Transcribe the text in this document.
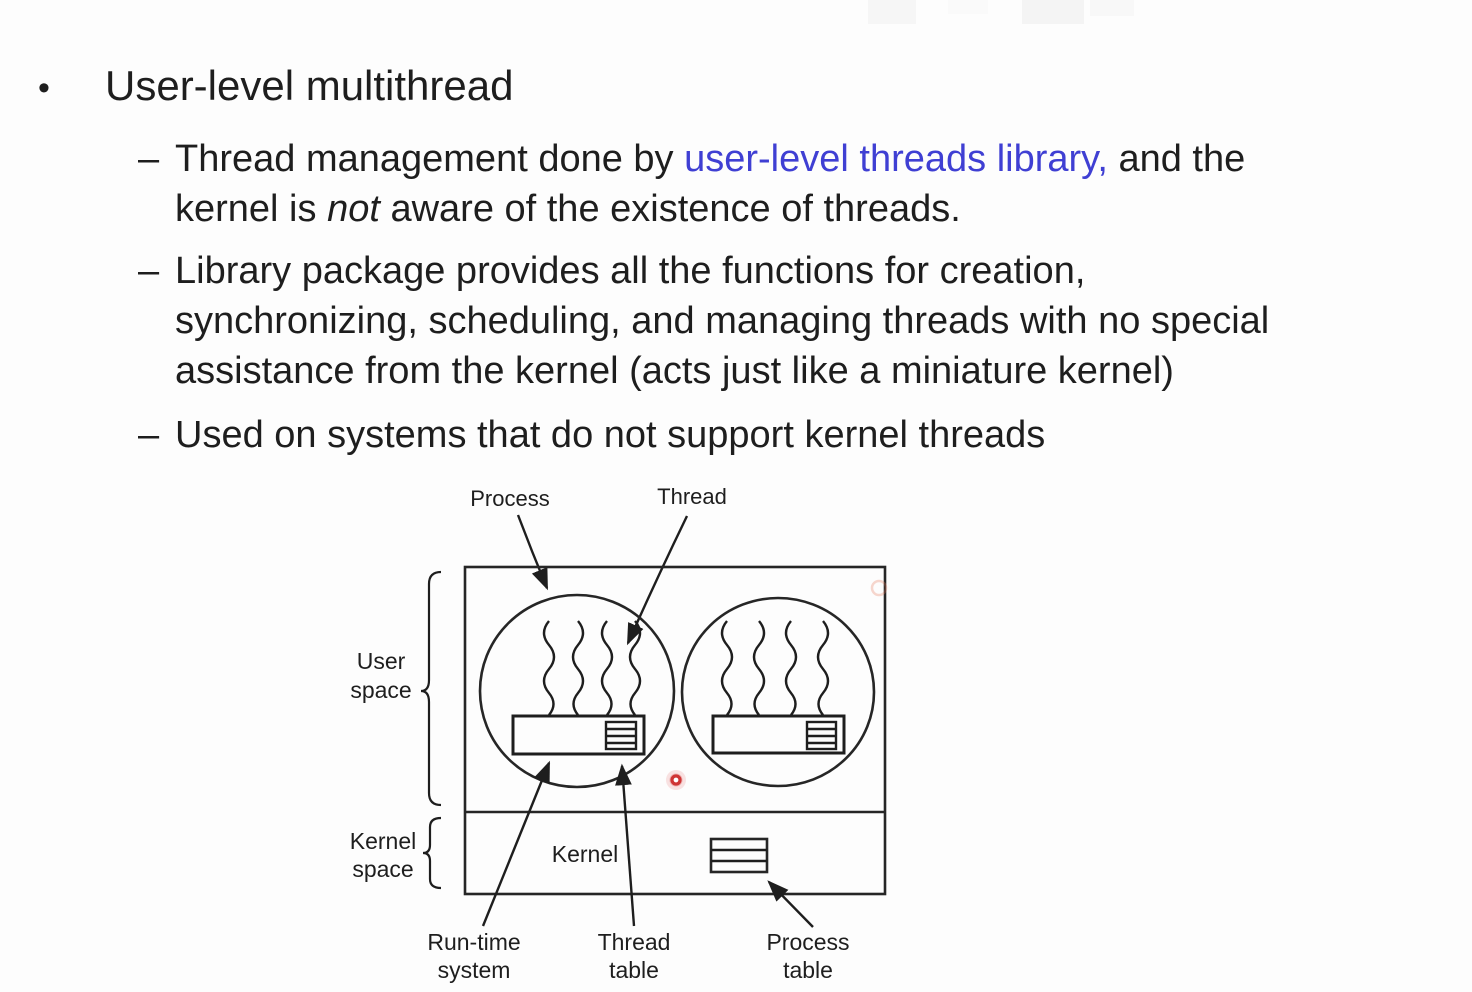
• User-level multithread
– Thread management done by user-level threads library, and the
kernel is not aware of the existence of threads.
– Library package provides all the functions for creation,
synchronizing, scheduling, and managing threads with no special
assistance from the kernel (acts just like a miniature kernel)
– Used on systems that do not support kernel threads
Process	Thread
User
space
Kernel
space
Kernel
Run-time
system
Thread
table
Process
table
